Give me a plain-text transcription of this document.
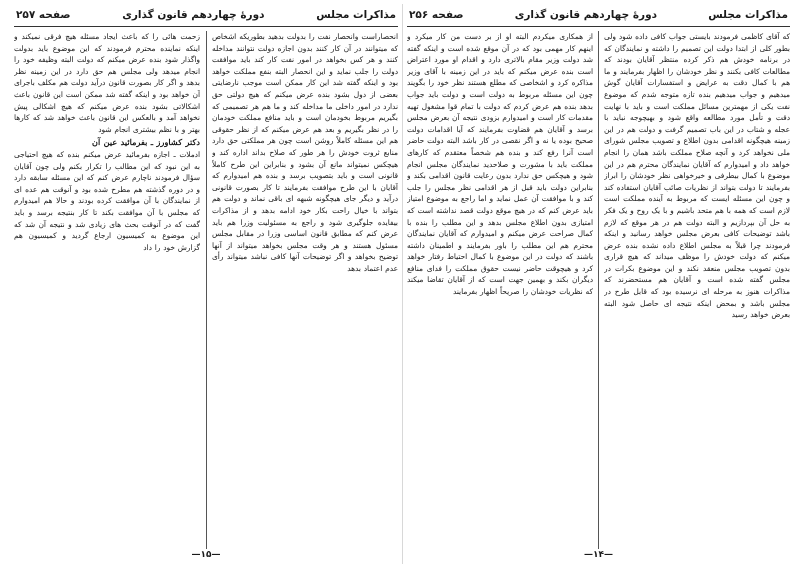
مذاکرات مجلس
دورهٔ چهاردهم قانون گذاری
صفحه ۲۵۶

که آقای کاظمی فرمودند بایستی جواب کافی داده شود ولی بطور کلی از ابتدا دولت این تصمیم را داشته و نمایندگان که در برنامه خودش هم ذکر کرده منتظر آقایان بودند که مطالعات کافی بکنند و نظر خودشان را اظهار بفرمایند و ما هم با کمال دقت به عرایض و استفسارات آقایان گوش میدهیم و جواب میدهیم بنده تازه متوجه شدم که موضوع نفت یکی از مهمترین مسائل مملکت است و باید با نهایت دقت و تأمل مورد مطالعه واقع شود و بهیچوجه نباید با عجله و شتاب در این باب تصمیم گرفت و دولت هم در این زمینه هیچگونه اقدامی بدون اطلاع و تصویب مجلس شورای ملی نخواهد کرد و آنچه صلاح مملکت باشد همان را انجام خواهد داد و امیدوارم که آقایان نمایندگان محترم هم در این موضوع با کمال بیطرفی و خیرخواهی نظر خودشان را ابراز بفرمایند تا دولت بتواند از نظریات صائب آقایان استفاده کند و چون این مسئله ایست که مربوط به آینده مملکت است لازم است که همه با هم متحد باشیم و با یک روح و یک فکر به حل آن بپردازیم و البته دولت هم در هر موقع که لازم باشد توضیحات کافی بعرض مجلس خواهد رسانید و اینکه فرمودند چرا قبلاً به مجلس اطلاع داده نشده بنده عرض میکنم که دولت خودش را موظف میداند که هیچ قراری بدون تصویب مجلس منعقد نکند و این موضوع بکرات در مجلس گفته شده است و آقایان هم مستحضرند که مذاکرات هنوز به مرحله ای نرسیده بود که قابل طرح در مجلس باشد و بمحض اینکه نتیجه ای حاصل شود البته بعرض خواهد رسید

از همکاری میکردم البته او از بر دست من کار میکرد و اینهم کار مهمی بود که در آن موقع شده است و اینکه گفته شد دولت وزیر مقام بالاتری دارد و اقدام او مورد اعتراض است بنده عرض میکنم که باید در این زمینه با آقای وزیر مذاکره کرد و اشخاصی که مطلع هستند نظر خود را بگویند چون این مسئله مربوط به دولت است و دولت باید جواب بدهد بنده هم عرض کردم که دولت با تمام قوا مشغول تهیه مقدمات کار است و امیدوارم بزودی نتیجه آن بعرض مجلس برسد و آقایان هم قضاوت بفرمایند که آیا اقدامات دولت صحیح بوده یا نه و اگر نقصی در کار باشد البته دولت حاضر است آنرا رفع کند و بنده هم شخصاً معتقدم که کارهای مملکت باید با مشورت و صلاحدید نمایندگان مجلس انجام شود و هیچکس حق ندارد بدون رعایت قانون اقدامی بکند و بنابراین دولت باید قبل از هر اقدامی نظر مجلس را جلب کند و با موافقت آن عمل نماید و اما راجع به موضوع امتیاز باید عرض کنم که در هیچ موقع دولت قصد نداشته است که امتیازی بدون اطلاع مجلس بدهد و این مطلب را بنده با کمال صراحت عرض میکنم و امیدوارم که آقایان نمایندگان محترم هم این مطلب را باور بفرمایند و اطمینان داشته باشند که دولت در این موضوع با کمال احتیاط رفتار خواهد کرد و هیچوقت حاضر نیست حقوق مملکت را فدای منافع دیگران بکند و بهمین جهت است که از آقایان تقاضا میکند که نظریات خودشان را صریحاً اظهار بفرمایند

—۱۴—
مذاکرات مجلس
دورهٔ چهاردهم قانون گذاری
صفحه ۲۵۷

انحصاراست وانحصار نفت را بدولت بدهید بطوریکه اشخاص که میتوانند در آن کار کنند بدون اجازه دولت نتوانند مداخله کنند و هر کس بخواهد در امور نفت کار کند باید موافقت دولت را جلب نماید و این انحصار البته بنفع مملکت خواهد بود و اینکه گفته شد این کار ممکن است موجب نارضایتی بعضی از دول بشود بنده عرض میکنم که هیچ دولتی حق ندارد در امور داخلی ما مداخله کند و ما هم هر تصمیمی که بگیریم مربوط بخودمان است و باید منافع مملکت خودمان را در نظر بگیریم و بعد هم عرض میکنم که از نظر حقوقی هم این مسئله کاملاً روشن است چون هر مملکتی حق دارد منابع ثروت خودش را هر طور که صلاح بداند اداره کند و هیچکس نمیتواند مانع آن بشود و بنابراین این طرح کاملاً قانونی است و باید بتصویب برسد و بنده هم امیدوارم که آقایان با این طرح موافقت بفرمایند تا کار بصورت قانونی درآید و دیگر جای هیچگونه شبهه ای باقی نماند و دولت هم بتواند با خیال راحت بکار خود ادامه بدهد و از مذاکرات بیفایده جلوگیری شود و راجع به مسئولیت وزرا هم باید عرض کنم که مطابق قانون اساسی وزرا در مقابل مجلس مسئول هستند و هر وقت مجلس بخواهد میتواند از آنها توضیح بخواهد و اگر توضیحات آنها کافی نباشد میتواند رأی عدم اعتماد بدهد

زحمت هائی را که باعث ایجاد مسئله هیچ فرقی نمیکند و اینکه نماینده محترم فرمودند که این موضوع باید بدولت واگذار شود بنده عرض میکنم که دولت البته وظیفه خود را انجام میدهد ولی مجلس هم حق دارد در این زمینه نظر بدهد و اگر کار بصورت قانون درآید دولت هم مکلف باجرای آن خواهد بود و اینکه گفته شد ممکن است این قانون باعث اشکالاتی بشود بنده عرض میکنم که هیچ اشکالی پیش نخواهد آمد و بالعکس این قانون باعث خواهد شد که کارها بهتر و با نظم بیشتری انجام شود

دکتر کشاورز ـ بفرمائید عین آن

ادملات ـ اجازه بفرمائید عرض میکنم بنده که هیچ احتیاجی به این نبود که این مطالب را تکرار بکنم ولی چون آقایان سؤال فرمودند ناچارم عرض کنم که این مسئله سابقه دارد و در دوره گذشته هم مطرح شده بود و آنوقت هم عده ای از نمایندگان با آن موافقت کرده بودند و حالا هم امیدوارم که مجلس با آن موافقت بکند تا کار بنتیجه برسد و باید گفت که در آنوقت بحث های زیادی شد و نتیجه آن شد که این موضوع به کمیسیون ارجاع گردید و کمیسیون هم گزارش خود را داد

—۱۵—
